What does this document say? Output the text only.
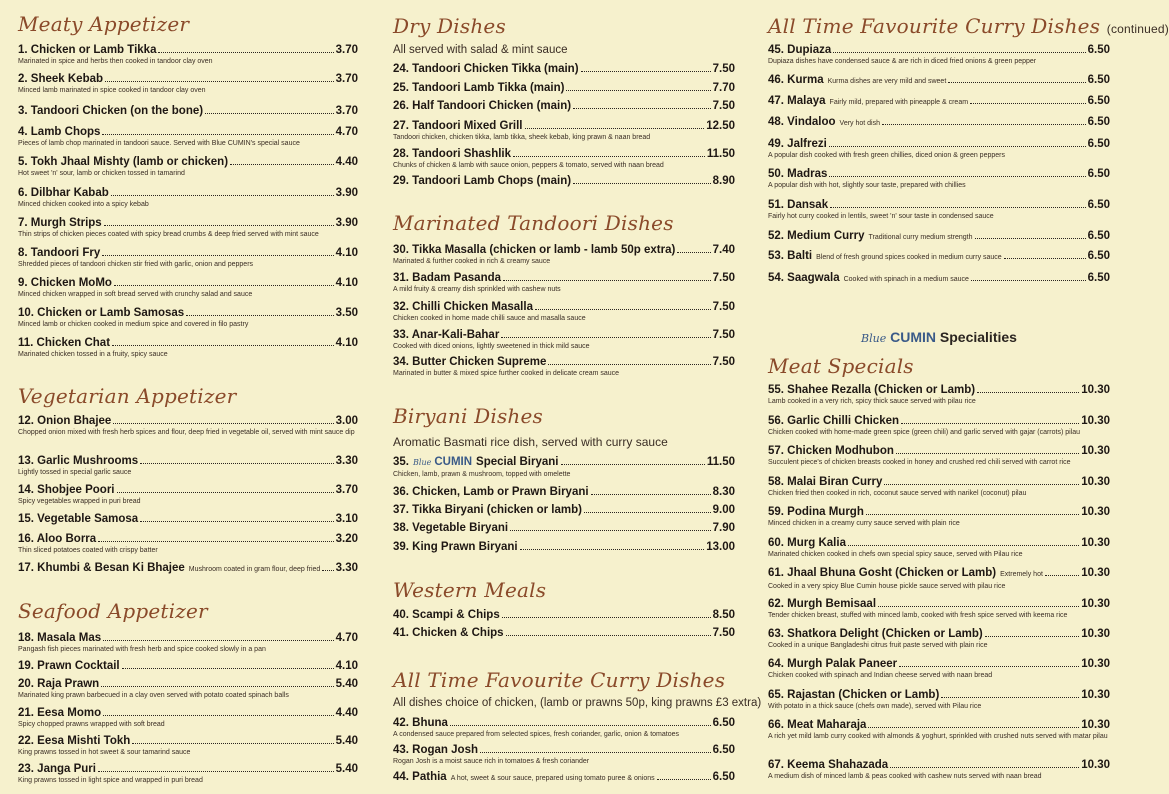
Meaty Appetizer
1. Chicken or Lamb Tikka	3.70
Marinated in spice and herbs then cooked in tandoor clay oven
2. Sheek Kebab	3.70
Minced lamb marinated in spice cooked in tandoor clay oven
3. Tandoori Chicken (on the bone)	3.70
4. Lamb Chops	4.70
Pieces of lamb chop marinated in tandoori sauce. Served with Blue CUMIN's special sauce
5. Tokh Jhaal Mishty (lamb or chicken)	4.40
Hot sweet 'n' sour, lamb or chicken tossed in tamarind
6. Dilbhar Kabab	3.90
Minced chicken cooked into a spicy kebab
7. Murgh Strips	3.90
Thin strips of chicken pieces coated with spicy bread crumbs & deep fried served with mint sauce
8. Tandoori Fry	4.10
Shredded pieces of tandoori chicken stir fried with garlic, onion and peppers
9. Chicken MoMo	4.10
Minced chicken wrapped in soft bread served with crunchy salad and sauce
10. Chicken or Lamb Samosas	3.50
Minced lamb or chicken cooked in medium spice and covered in filo pastry
11. Chicken Chat	4.10
Marinated chicken tossed in a fruity, spicy sauce
Vegetarian Appetizer
12. Onion Bhajee	3.00
Chopped onion mixed with fresh herb spices and flour, deep fried in vegetable oil, served with mint sauce dip
13. Garlic Mushrooms	3.30
Lightly tossed in special garlic sauce
14. Shobjee Poori	3.70
Spicy vegetables wrapped in puri bread
15. Vegetable Samosa	3.10
16. Aloo Borra	3.20
Thin sliced potatoes coated with crispy batter
17. Khumbi & Besan Ki Bhajee Mushroom coated in gram flour, deep fried 3.30
Seafood Appetizer
18. Masala Mas	4.70
Pangash fish pieces marinated with fresh herb and spice cooked slowly in a pan
19. Prawn Cocktail	4.10
20. Raja Prawn	5.40
Marinated king prawn barbecued in a clay oven served with potato coated spinach balls
21. Eesa Momo	4.40
Spicy chopped prawns wrapped with soft bread
22. Eesa Mishti Tokh	5.40
King prawns tossed in hot sweet & sour tamarind sauce
23. Janga Puri	5.40
King prawns tossed in light spice and wrapped in puri bread
Dry Dishes
All served with salad & mint sauce
24. Tandoori Chicken Tikka (main)	7.50
25. Tandoori Lamb Tikka (main)	7.70
26. Half Tandoori Chicken (main)	7.50
27. Tandoori Mixed Grill	12.50
Tandoori chicken, chicken tikka, lamb tikka, sheek kebab, king prawn & naan bread
28. Tandoori Shashlik	11.50
Chunks of chicken & lamb with sauce onion, peppers & tomato, served with naan bread
29. Tandoori Lamb Chops (main)	8.90
Marinated Tandoori Dishes
30. Tikka Masalla (chicken or lamb - lamb 50p extra)	7.40
Marinated & further cooked in rich & creamy sauce
31. Badam Pasanda	7.50
A mild fruity & creamy dish sprinkled with cashew nuts
32. Chilli Chicken Masalla	7.50
Chicken cooked in home made chilli sauce and masalla sauce
33. Anar-Kali-Bahar	7.50
Cooked with diced onions, lightly sweetened in thick mild sauce
34. Butter Chicken Supreme	7.50
Marinated in butter & mixed spice further cooked in delicate cream sauce
Biryani Dishes
Aromatic Basmati rice dish, served with curry sauce
35. Blue CUMIN Special Biryani	11.50
Chicken, lamb, prawn & mushroom, topped with omelette
36. Chicken, Lamb or Prawn Biryani	8.30
37. Tikka Biryani (chicken or lamb)	9.00
38. Vegetable Biryani	7.90
39. King Prawn Biryani	13.00
Western Meals
40. Scampi & Chips	8.50
41. Chicken & Chips	7.50
All Time Favourite Curry Dishes
All dishes choice of chicken, (lamb or prawns 50p, king prawns £3 extra)
42. Bhuna	6.50
A condensed sauce prepared from selected spices, fresh coriander, garlic, onion & tomatoes
43. Rogan Josh	6.50
Rogan Josh is a moist sauce rich in tomatoes & fresh coriander
44. Pathia A hot, sweet & sour sauce, prepared using tomato puree & onions	6.50
All Time Favourite Curry Dishes (continued)
45. Dupiaza	6.50
Dupiaza dishes have condensed sauce & are rich in diced fried onions & green pepper
46. Kurma Kurma dishes are very mild and sweet	6.50
47. Malaya Fairly mild, prepared with pineapple & cream	6.50
48. Vindaloo Very hot dish	6.50
49. Jalfrezi	6.50
A popular dish cooked with fresh green chillies, diced onion & green peppers
50. Madras	6.50
A popular dish with hot, slightly sour taste, prepared with chillies
51. Dansak	6.50
Fairly hot curry cooked in lentils, sweet 'n' sour taste in condensed sauce
52. Medium Curry Traditional curry medium strength	6.50
53. Balti Blend of fresh ground spices cooked in medium curry sauce	6.50
54. Saagwala Cooked with spinach in a medium sauce	6.50
Blue CUMIN Specialities
Meat Specials
55. Shahee Rezalla (Chicken or Lamb)	10.30
Lamb cooked in a very rich, spicy thick sauce served with pilau rice
56. Garlic Chilli Chicken	10.30
Chicken cooked with home-made green spice (green chili) and garlic served with gajar (carrots) pilau
57. Chicken Modhubon	10.30
Succulent piece's of chicken breasts cooked in honey and crushed red chili served with carrot rice
58. Malai Biran Curry	10.30
Chicken fried then cooked in rich, coconut sauce served with narikel (coconut) pilau
59. Podina Murgh	10.30
Minced chicken in a creamy curry sauce served with plain rice
60. Murg Kalia	10.30
Marinated chicken cooked in chefs own special spicy sauce, served with Pilau rice
61. Jhaal Bhuna Gosht (Chicken or Lamb) Extremely hot	10.30
Cooked in a very spicy Blue Cumin house pickle sauce served with pilau rice
62. Murgh Bemisaal	10.30
Tender chicken breast, stuffed with minced lamb, cooked with fresh spice served with keema rice
63. Shatkora Delight (Chicken or Lamb)	10.30
Cooked in a unique Bangladeshi citrus fruit paste served with plain rice
64. Murgh Palak Paneer	10.30
Chicken cooked with spinach and Indian cheese served with naan bread
65. Rajastan (Chicken or Lamb)	10.30
With potato in a thick sauce (chefs own made), served with Pilau rice
66. Meat Maharaja	10.30
A rich yet mild lamb curry cooked with almonds & yoghurt, sprinkled with crushed nuts served with matar pilau
67. Keema Shahazada	10.30
A medium dish of minced lamb & peas cooked with cashew nuts served with naan bread
